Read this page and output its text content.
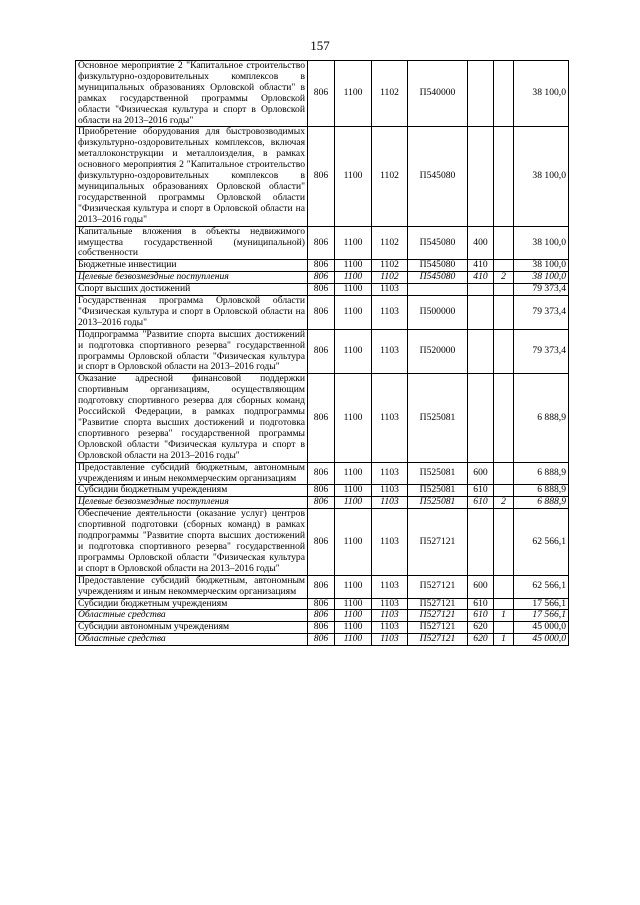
157
Основное мероприятие 2 "Капитальное строительство физкультурно-оздоровительных комплексов в муниципальных образованиях Орловской области" в рамках государственной программы Орловской области "Физическая культура и спорт в Орловской области на 2013–2016 годы"	806	1100	1102	П540000			38 100,0
Приобретение оборудования для быстровозводимых физкультурно-оздоровительных комплексов, включая металлоконструкции и металлоизделия, в рамках основного мероприятия 2 "Капитальное строительство физкультурно-оздоровительных комплексов в муниципальных образованиях Орловской области" государственной программы Орловской области "Физическая культура и спорт в Орловской области на 2013–2016 годы"	806	1100	1102	П545080			38 100,0
Капитальные вложения в объекты недвижимого имущества государственной (муниципальной) собственности	806	1100	1102	П545080	400		38 100,0
Бюджетные инвестиции	806	1100	1102	П545080	410		38 100,0
Целевые безвозмездные поступления	806	1100	1102	П545080	410	2	38 100,0
Спорт высших достижений	806	1100	1103				79 373,4
Государственная программа Орловской области "Физическая культура и спорт в Орловской области на 2013–2016 годы"	806	1100	1103	П500000			79 373,4
Подпрограмма "Развитие спорта высших достижений и подготовка спортивного резерва" государственной программы Орловской области "Физическая культура и спорт в Орловской области на 2013–2016 годы"	806	1100	1103	П520000			79 373,4
Оказание адресной финансовой поддержки спортивным организациям, осуществляющим подготовку спортивного резерва для сборных команд Российской Федерации, в рамках подпрограммы "Развитие спорта высших достижений и подготовка спортивного резерва" государственной программы Орловской области "Физическая культура и спорт в Орловской области на 2013–2016 годы"	806	1100	1103	П525081			6 888,9
Предоставление субсидий бюджетным, автономным учреждениям и иным некоммерческим организациям	806	1100	1103	П525081	600		6 888,9
Субсидии бюджетным учреждениям	806	1100	1103	П525081	610		6 888,9
Целевые безвозмездные поступления	806	1100	1103	П525081	610	2	6 888,9
Обеспечение деятельности (оказание услуг) центров спортивной подготовки (сборных команд) в рамках подпрограммы "Развитие спорта высших достижений и подготовка спортивного резерва" государственной программы Орловской области "Физическая культура и спорт в Орловской области на 2013–2016 годы"	806	1100	1103	П527121			62 566,1
Предоставление субсидий бюджетным, автономным учреждениям и иным некоммерческим организациям	806	1100	1103	П527121	600		62 566,1
Субсидии бюджетным учреждениям	806	1100	1103	П527121	610		17 566,1
Областные средства	806	1100	1103	П527121	610	1	17 566,1
Субсидии автономным учреждениям	806	1100	1103	П527121	620		45 000,0
Областные средства	806	1100	1103	П527121	620	1	45 000,0
